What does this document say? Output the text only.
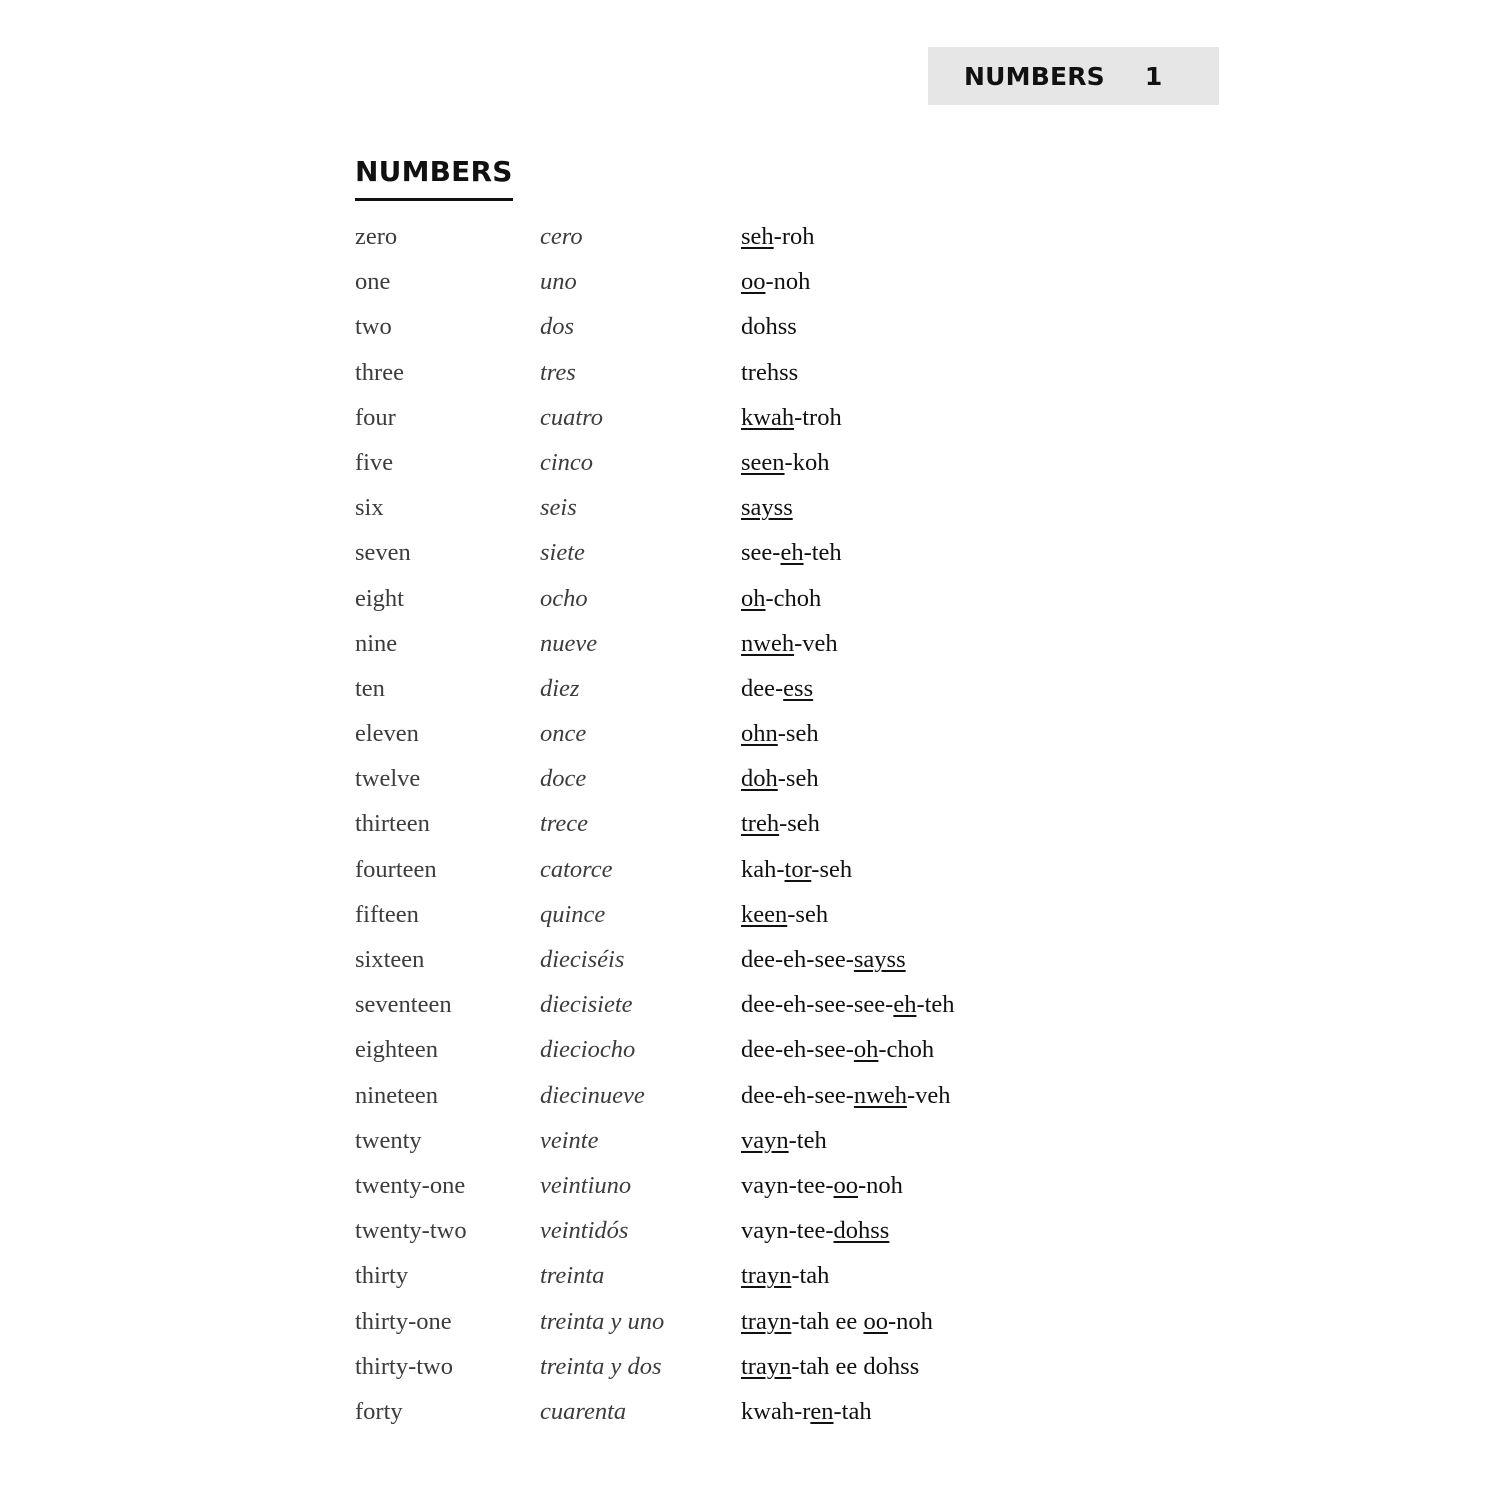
NUMBERS 1
NUMBERS
zero	cero	seh-roh
one	uno	oo-noh
two	dos	dohss
three	tres	trehss
four	cuatro	kwah-troh
five	cinco	seen-koh
six	seis	sayss
seven	siete	see-eh-teh
eight	ocho	oh-choh
nine	nueve	nweh-veh
ten	diez	dee-ess
eleven	once	ohn-seh
twelve	doce	doh-seh
thirteen	trece	treh-seh
fourteen	catorce	kah-tor-seh
fifteen	quince	keen-seh
sixteen	dieciséis	dee-eh-see-sayss
seventeen	diecisiete	dee-eh-see-see-eh-teh
eighteen	dieciocho	dee-eh-see-oh-choh
nineteen	diecinueve	dee-eh-see-nweh-veh
twenty	veinte	vayn-teh
twenty-one	veintiuno	vayn-tee-oo-noh
twenty-two	veintidós	vayn-tee-dohss
thirty	treinta	trayn-tah
thirty-one	treinta y uno	trayn-tah ee oo-noh
thirty-two	treinta y dos	trayn-tah ee dohss
forty	cuarenta	kwah-ren-tah
